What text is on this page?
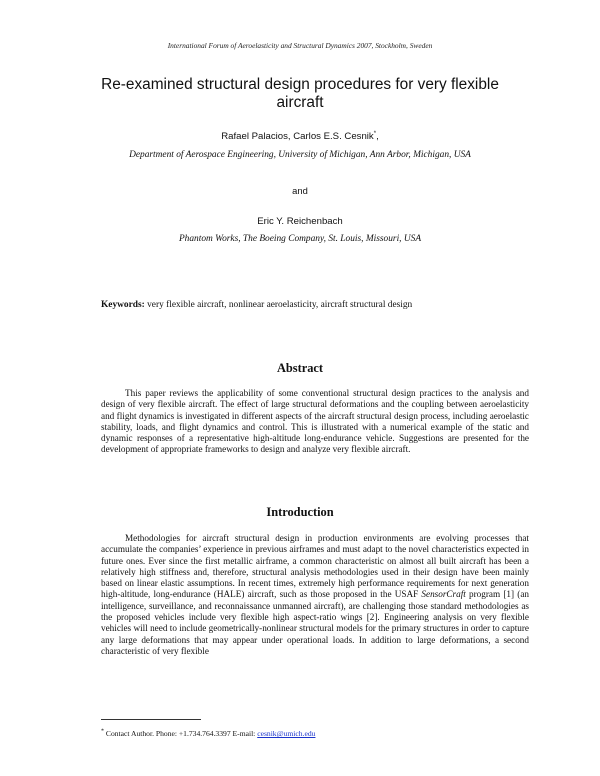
International Forum of Aeroelasticity and Structural Dynamics 2007, Stockholm, Sweden
Re-examined structural design procedures for very flexible aircraft
Rafael Palacios, Carlos E.S. Cesnik*,
Department of Aerospace Engineering, University of Michigan, Ann Arbor, Michigan, USA
and
Eric Y. Reichenbach
Phantom Works, The Boeing Company, St. Louis, Missouri, USA
Keywords: very flexible aircraft, nonlinear aeroelasticity, aircraft structural design
Abstract

This paper reviews the applicability of some conventional structural design practices to the analysis and design of very flexible aircraft. The effect of large structural deformations and the coupling between aeroelasticity and flight dynamics is investigated in different aspects of the aircraft structural design process, including aeroelastic stability, loads, and flight dynamics and control. This is illustrated with a numerical example of the static and dynamic responses of a representative high-altitude long-endurance vehicle. Suggestions are presented for the development of appropriate frameworks to design and analyze very flexible aircraft.

Introduction

Methodologies for aircraft structural design in production environments are evolving processes that accumulate the companies’ experience in previous airframes and must adapt to the novel characteristics expected in future ones. Ever since the first metallic airframe, a common characteristic on almost all built aircraft has been a relatively high stiffness and, therefore, structural analysis methodologies used in their design have been mainly based on linear elastic assumptions. In recent times, extremely high performance requirements for next generation high-altitude, long-endurance (HALE) aircraft, such as those proposed in the USAF SensorCraft program [1] (an intelligence, surveillance, and reconnaissance unmanned aircraft), are challenging those standard methodologies as the proposed vehicles include very flexible high aspect-ratio wings [2]. Engineering analysis on very flexible vehicles will need to include geometrically-nonlinear structural models for the primary structures in order to capture any large deformations that may appear under operational loads. In addition to large deformations, a second characteristic of very flexible

* Contact Author. Phone: +1.734.764.3397 E-mail: cesnik@umich.edu
